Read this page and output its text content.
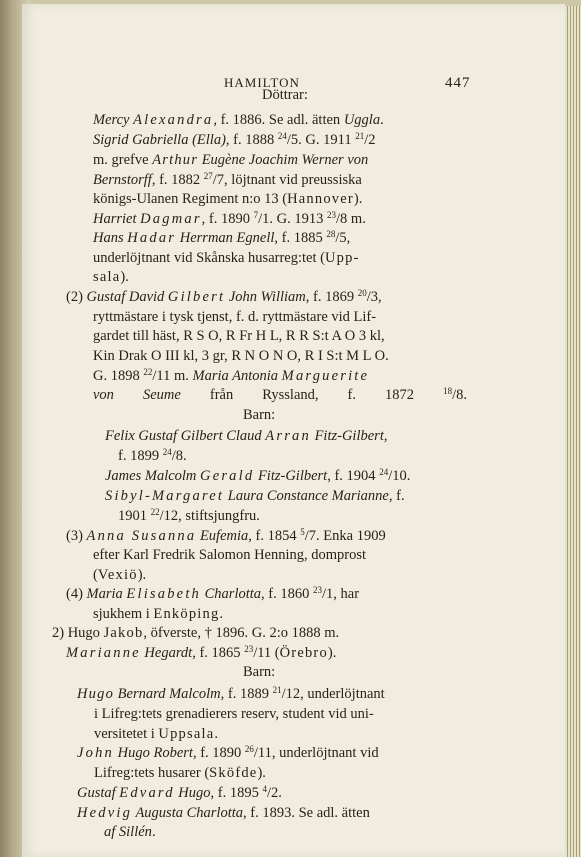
HAMILTON	447
Döttrar:
Mercy Alexandra, f. 1886. Se adl. ätten Uggla.
Sigrid Gabriella (Ella), f. 1888 $^{24}$/5. G. 1911 $^{21}$/2
m. grefve Arthur Eugène Joachim Werner von
Bernstorff, f. 1882 $^{27}$/7, löjtnant vid preussiska
königs-Ulanen Regiment n:o 13 (Hannover).
Harriet Dagmar, f. 1890 $^7$/1. G. 1913 $^{23}$/8 m.
Hans Hadar Herrman Egnell, f. 1885 $^{28}$/5,
underlöjtnant vid Skånska husarreg:tet (Upp-
sala).
(2) Gustaf David Gilbert John William, f. 1869 $^{20}$/3,
ryttmästare i tysk tjenst, f. d. ryttmästare vid Lif-
gardet till häst, R S O, R Fr H L, R R S:t A O 3 kl,
Kin Drak O III kl, 3 gr, R N O N O, R I S:t M L O.
G. 1898 $^{22}$/11 m. Maria Antonia Marguerite
von Seume från Ryssland, f. 1872 $^{18}$/8.
Barn:
Felix Gustaf Gilbert Claud Arran Fitz-Gilbert,
f. 1899 $^{24}$/8.
James Malcolm Gerald Fitz-Gilbert, f. 1904 $^{24}$/10.
Sibyl-Margaret Laura Constance Marianne, f.
1901 $^{22}$/12, stiftsjungfru.
(3) Anna Susanna Eufemia, f. 1854 $^5$/7. Enka 1909
efter Karl Fredrik Salomon Henning, domprost
(Vexiö).
(4) Maria Elisabeth Charlotta, f. 1860 $^{23}$/1, har
sjukhem i Enköping.
2) Hugo Jakob, öfverste, † 1896. G. 2:o 1888 m.
Marianne Hegardt, f. 1865 $^{23}$/11 (Örebro).
Barn:
Hugo Bernard Malcolm, f. 1889 $^{21}$/12, underlöjtnant
i Lifreg:tets grenadierers reserv, student vid uni-
versitetet i Uppsala.
John Hugo Robert, f. 1890 $^{26}$/11, underlöjtnant vid
Lifreg:tets husarer (Sköfde).
Gustaf Edvard Hugo, f. 1895 $^4$/2.
Hedvig Augusta Charlotta, f. 1893. Se adl. ätten
af Sillén.
